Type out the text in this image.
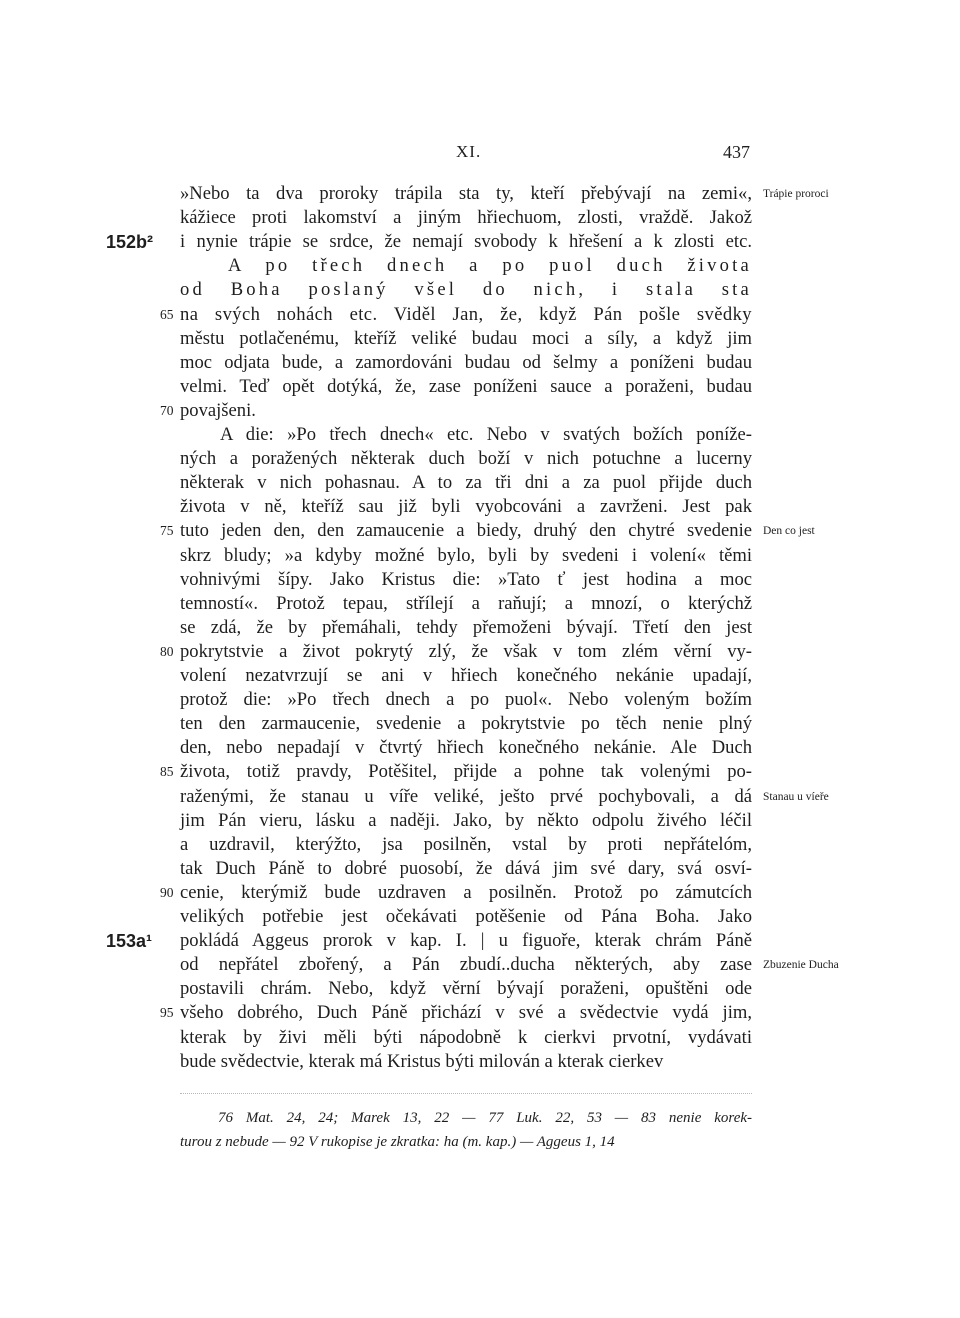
XI.	437
»Nebo ta dva proroky trápila sta ty, kteří přebývají na zemi«,
kážiece proti lakomství a jiným hřiechuom, zlosti, vraždě. Jakož
i nynie trápie se srdce, že nemají svobody k hřešení a k zlosti etc.
A po třech dnech a po puol duch života
od Boha poslaný všel do nich, i stala sta
na svých nohách etc. Viděl Jan, že, když Pán pošle svědky
městu potlačenému, kteříž veliké budau moci a síly, a když jim
moc odjata bude, a zamordováni budau od šelmy a poníženi budau
velmi. Teď opět dotýká, že, zase poníženi sauce a poraženi, budau
povajšeni.
A die: »Po třech dnech« etc. Nebo v svatých božích poníže-
ných a poražených některak duch boží v nich potuchne a lucerny
některak v nich pohasnau. A to za tři dni a za puol přijde duch
života v ně, kteříž sau již byli vyobcováni a zavrženi. Jest pak
tuto jeden den, den zamaucenie a biedy, druhý den chytré svedenie
skrz bludy; »a kdyby možné bylo, byli by svedeni i volení« těmi
vohnivými šípy. Jako Kristus die: »Tato ť jest hodina a moc
temností«. Protož tepau, střílejí a raňují; a mnozí, o kterýchž
se zdá, že by přemáhali, tehdy přemoženi bývají. Třetí den jest
pokrytstvie a život pokrytý zlý, že však v tom zlém věrní vy-
volení nezatvrzují se ani v hřiech konečného nekánie upadají,
protož die: »Po třech dnech a po puol«. Nebo voleným božím
ten den zarmaucenie, svedenie a pokrytstvie po těch nenie plný
den, nebo nepadají v čtvrtý hřiech konečného nekánie. Ale Duch
života, totiž pravdy, Potěšitel, přijde a pohne tak volenými po-
raženými, že stanau u víře veliké, ješto prvé pochybovali, a dá
jim Pán vieru, lásku a naději. Jako, by někto odpolu živého léčil
a uzdravil, kterýžto, jsa posilněn, vstal by proti nepřátelóm,
tak Duch Páně to dobré puosobí, že dává jim své dary, svá osví-
cenie, kterýmiž bude uzdraven a posilněn. Protož po zámutcích
velikých potřebie jest očekávati potěšenie od Pána Boha. Jako
pokládá Aggeus prorok v kap. I. | u figuoře, kterak chrám Páně
od nepřátel zbořený, a Pán zbudí..ducha některých, aby zase
postavili chrám. Nebo, když věrní bývají poraženi, opuštěni ode
všeho dobrého, Duch Páně přichází v své a svědectvie vydá jim,
kterak by živi měli býti nápodobně k cierkvi prvotní, vydávati
bude svědectvie, kterak má Kristus býti milován a kterak cierkev
65
70
75
80
85
90
95
152b²
153a¹
Trápie proroci
Den co jest
Stanau u víeře
Zbuzenie Ducha
76 Mat. 24, 24; Marek 13, 22 — 77 Luk. 22, 53 — 83 nenie korek-
turou z nebude — 92 V rukopise je zkratka: ha (m. kap.) — Aggeus 1, 14
